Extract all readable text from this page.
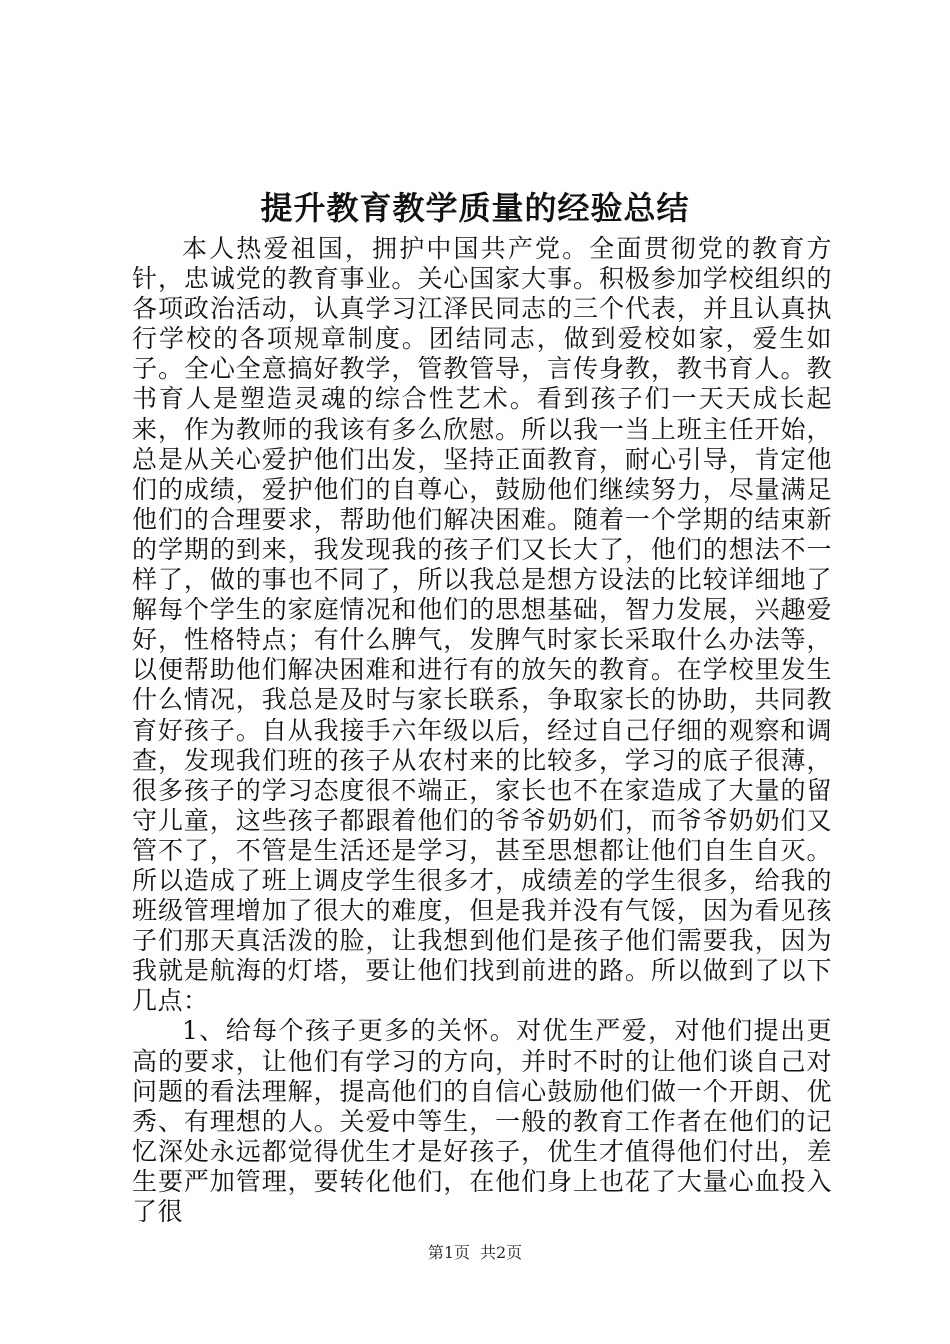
提升教育教学质量的经验总结

本人热爱祖国，拥护中国共产党。全面贯彻党的教育方针，忠诚党的教育事业。关心国家大事。积极参加学校组织的各项政治活动，认真学习江泽民同志的三个代表，并且认真执行学校的各项规章制度。团结同志，做到爱校如家，爱生如子。全心全意搞好教学，管教管导，言传身教，教书育人。教书育人是塑造灵魂的综合性艺术。看到孩子们一天天成长起来，作为教师的我该有多么欣慰。所以我一当上班主任开始，总是从关心爱护他们出发，坚持正面教育，耐心引导，肯定他们的成绩，爱护他们的自尊心，鼓励他们继续努力，尽量满足他们的合理要求，帮助他们解决困难。随着一个学期的结束新的学期的到来，我发现我的孩子们又长大了，他们的想法不一样了，做的事也不同了，所以我总是想方设法的比较详细地了解每个学生的家庭情况和他们的思想基础，智力发展，兴趣爱好，性格特点；有什么脾气，发脾气时家长采取什么办法等，以便帮助他们解决困难和进行有的放矢的教育。在学校里发生什么情况，我总是及时与家长联系，争取家长的协助，共同教育好孩子。自从我接手六年级以后，经过自己仔细的观察和调查，发现我们班的孩子从农村来的比较多，学习的底子很薄，很多孩子的学习态度很不端正，家长也不在家造成了大量的留守儿童，这些孩子都跟着他们的爷爷奶奶们，而爷爷奶奶们又管不了，不管是生活还是学习，甚至思想都让他们自生自灭。所以造成了班上调皮学生很多才，成绩差的学生很多，给我的班级管理增加了很大的难度，但是我并没有气馁，因为看见孩子们那天真活泼的脸，让我想到他们是孩子他们需要我，因为我就是航海的灯塔，要让他们找到前进的路。所以做到了以下几点：

1、给每个孩子更多的关怀。对优生严爱，对他们提出更高的要求，让他们有学习的方向，并时不时的让他们谈自己对问题的看法理解，提高他们的自信心鼓励他们做一个开朗、优秀、有理想的人。关爱中等生，一般的教育工作者在他们的记忆深处永远都觉得优生才是好孩子，优生才值得他们付出，差生要严加管理，要转化他们，在他们身上也花了大量心血投入了很

第1页 共2页
